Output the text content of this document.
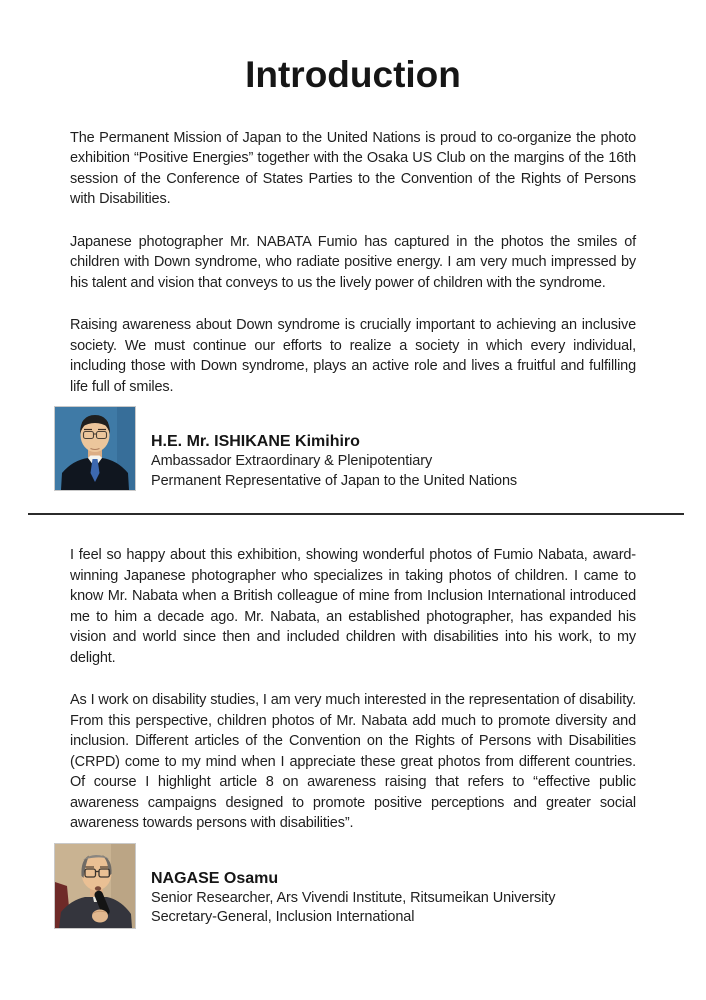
Introduction

The Permanent Mission of Japan to the United Nations is proud to co-organize the photo exhibition “Positive Energies” together with the Osaka US Club on the margins of the 16th session of the Conference of States Parties to the Convention of the Rights of Persons with Disabilities.

Japanese photographer Mr. NABATA Fumio has captured in the photos the smiles of children with Down syndrome, who radiate positive energy. I am very much impressed by his talent and vision that conveys to us the lively power of children with the syndrome.

Raising awareness about Down syndrome is crucially important to achieving an inclusive society. We must continue our efforts to realize a society in which every individual, including those with Down syndrome, plays an active role and lives a fruitful and fulfilling life full of smiles.

H.E. Mr. ISHIKANE Kimihiro
Ambassador Extraordinary & Plenipotentiary
Permanent Representative of Japan to the United Nations

I feel so happy about this exhibition, showing wonderful photos of Fumio Nabata, award-winning Japanese photographer who specializes in taking photos of children. I came to know Mr. Nabata when a British colleague of mine from Inclusion International introduced me to him a decade ago. Mr. Nabata, an established photographer, has expanded his vision and world since then and included children with disabilities into his work, to my delight.

As I work on disability studies, I am very much interested in the representation of disability. From this perspective, children photos of Mr. Nabata add much to promote diversity and inclusion. Different articles of the Convention on the Rights of Persons with Disabilities (CRPD) come to my mind when I appreciate these great photos from different countries. Of course I highlight article 8 on awareness raising that refers to “effective public awareness campaigns designed to promote positive perceptions and greater social awareness towards persons with disabilities”.

NAGASE Osamu
Senior Researcher, Ars Vivendi Institute, Ritsumeikan University
Secretary-General, Inclusion International
